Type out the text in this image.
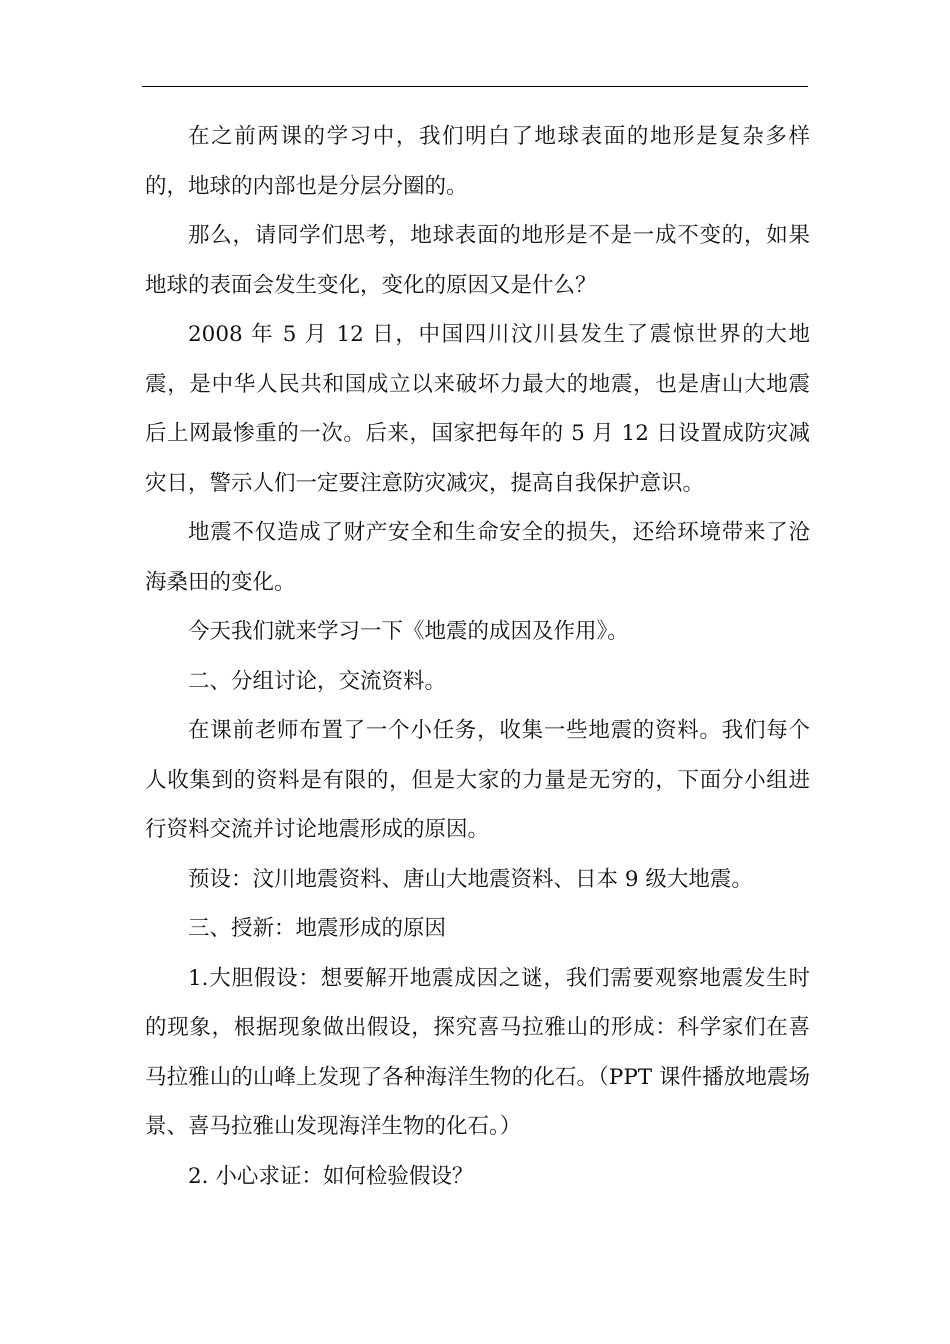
在之前两课的学习中，我们明白了地球表面的地形是复杂多样的，地球的内部也是分层分圈的。

那么，请同学们思考，地球表面的地形是不是一成不变的，如果地球的表面会发生变化，变化的原因又是什么？

2008 年 5 月 12 日，中国四川汶川县发生了震惊世界的大地震，是中华人民共和国成立以来破坏力最大的地震，也是唐山大地震后上网最惨重的一次。后来，国家把每年的 5 月 12 日设置成防灾减灾日，警示人们一定要注意防灾减灾，提高自我保护意识。

地震不仅造成了财产安全和生命安全的损失，还给环境带来了沧海桑田的变化。

今天我们就来学习一下《地震的成因及作用》。

二、分组讨论，交流资料。

在课前老师布置了一个小任务，收集一些地震的资料。我们每个人收集到的资料是有限的，但是大家的力量是无穷的，下面分小组进行资料交流并讨论地震形成的原因。

预设：汶川地震资料、唐山大地震资料、日本 9 级大地震。

三、授新：地震形成的原因

1.大胆假设：想要解开地震成因之谜，我们需要观察地震发生时的现象，根据现象做出假设，探究喜马拉雅山的形成：科学家们在喜马拉雅山的山峰上发现了各种海洋生物的化石。（PPT 课件播放地震场景、喜马拉雅山发现海洋生物的化石。）

2. 小心求证：如何检验假设？
